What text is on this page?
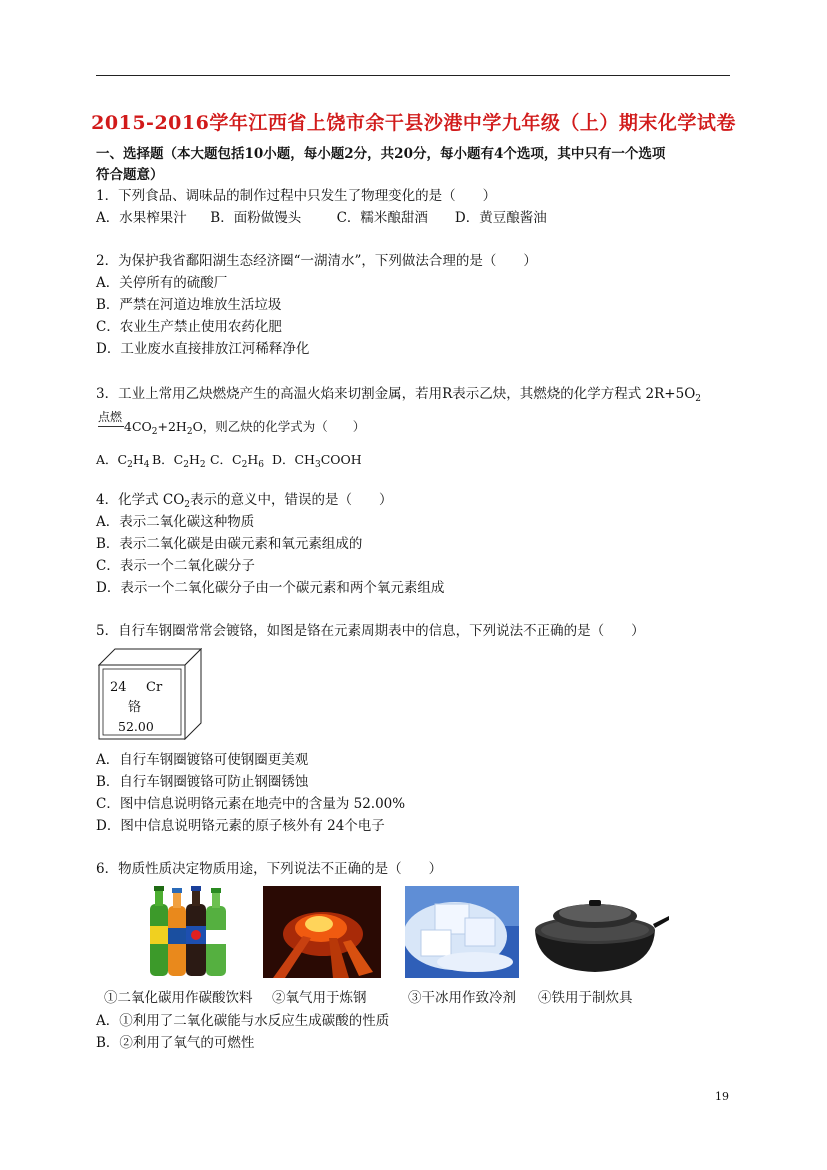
2015-2016学年江西省上饶市余干县沙港中学九年级（上）期末化学试卷
一、选择题（本大题包括10小题，每小题2分，共20分，每小题有4个选项，其中只有一个选项
符合题意）
1．下列食品、调味品的制作过程中只发生了物理变化的是（　　）
A．水果榨果汁 B．面粉做馒头	C．糯米酿甜酒 D．黄豆酿酱油
2．为保护我省鄱阳湖生态经济圈“一湖清水”，下列做法合理的是（　　）
A．关停所有的硫酸厂
B．严禁在河道边堆放生活垃圾
C．农业生产禁止使用农药化肥
D．工业废水直接排放江河稀释净化
3．工业上常用乙炔燃烧产生的高温火焰来切割金属，若用R表示乙炔，其燃烧的化学方程式 $2R+5O_2$
点燃
$4CO_2+2H_2O$，则乙炔的化学式为（　　）
A．C2H4 B．C2H2 C．C2H6 D．CH3COOH
4．化学式 $CO_2$表示的意义中，错误的是（　　）
A．表示二氧化碳这种物质
B．表示二氧化碳是由碳元素和氧元素组成的
C．表示一个二氧化碳分子
D．表示一个二氧化碳分子由一个碳元素和两个氧元素组成
5．自行车钢圈常常会镀铬，如图是铬在元素周期表中的信息，下列说法不正确的是（　　）
24 Cr
铬
52.00
A．自行车钢圈镀铬可使钢圈更美观
B．自行车钢圈镀铬可防止钢圈锈蚀
C．图中信息说明铬元素在地壳中的含量为 52.00%
D．图中信息说明铬元素的原子核外有 24个电子
6．物质性质决定物质用途，下列说法不正确的是（　　）
①二氧化碳用作碳酸饮料 ②氧气用于炼钢	③干冰用作致冷剂 ④铁用于制炊具
A．①利用了二氧化碳能与水反应生成碳酸的性质
B．②利用了氧气的可燃性
19
